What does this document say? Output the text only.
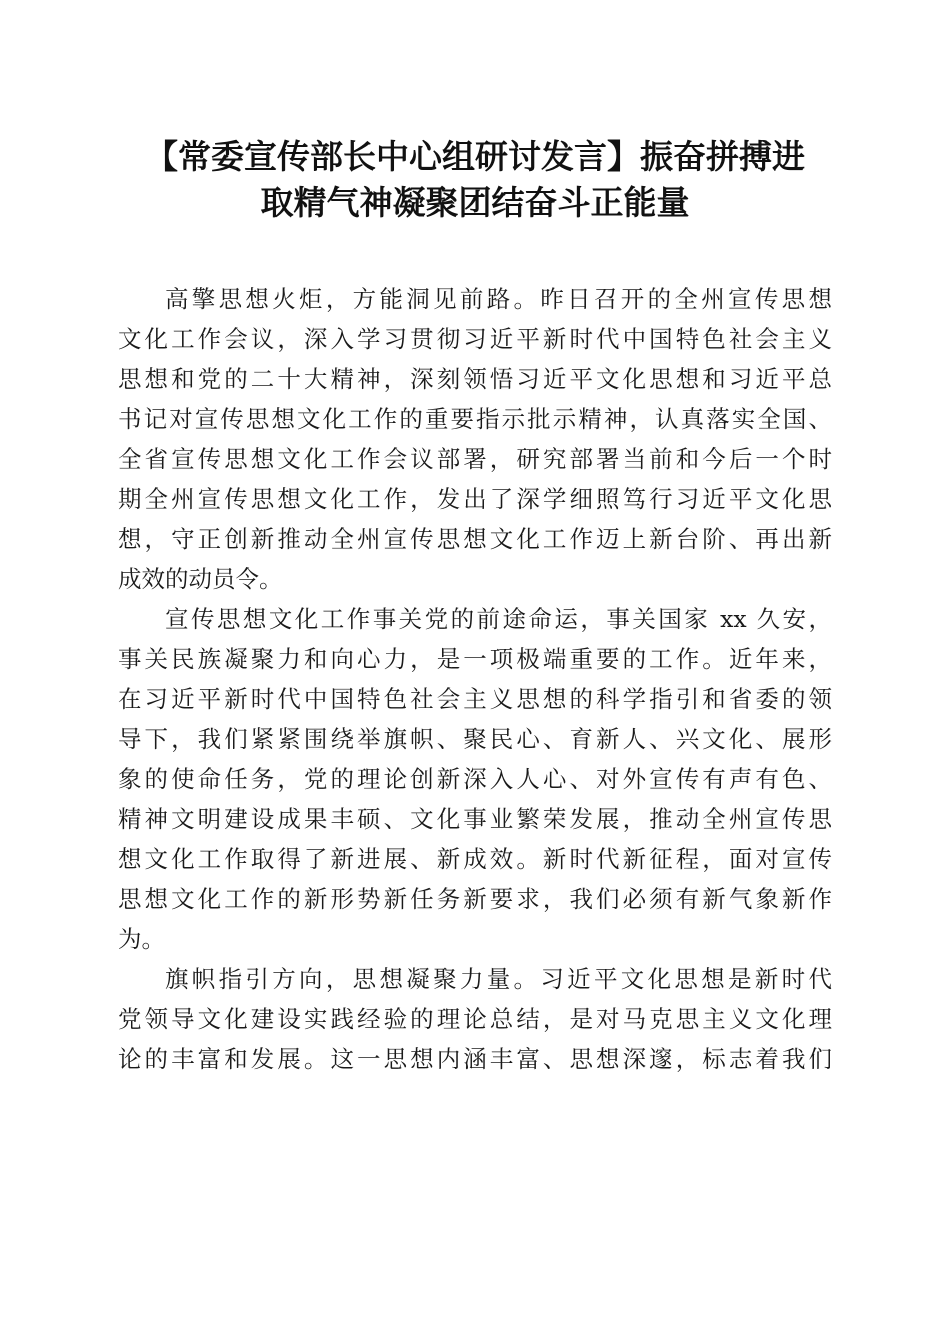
【常委宣传部长中心组研讨发言】振奋拼搏进
取精气神凝聚团结奋斗正能量
高擎思想火炬，方能洞见前路。昨日召开的全州宣传思想
文化工作会议，深入学习贯彻习近平新时代中国特色社会主义
思想和党的二十大精神，深刻领悟习近平文化思想和习近平总
书记对宣传思想文化工作的重要指示批示精神，认真落实全国、
全省宣传思想文化工作会议部署，研究部署当前和今后一个时
期全州宣传思想文化工作，发出了深学细照笃行习近平文化思
想，守正创新推动全州宣传思想文化工作迈上新台阶、再出新
成效的动员令。
宣传思想文化工作事关党的前途命运，事关国家 xx 久安，
事关民族凝聚力和向心力，是一项极端重要的工作。近年来，
在习近平新时代中国特色社会主义思想的科学指引和省委的领
导下，我们紧紧围绕举旗帜、聚民心、育新人、兴文化、展形
象的使命任务，党的理论创新深入人心、对外宣传有声有色、
精神文明建设成果丰硕、文化事业繁荣发展，推动全州宣传思
想文化工作取得了新进展、新成效。新时代新征程，面对宣传
思想文化工作的新形势新任务新要求，我们必须有新气象新作
为。
旗帜指引方向，思想凝聚力量。习近平文化思想是新时代
党领导文化建设实践经验的理论总结，是对马克思主义文化理
论的丰富和发展。这一思想内涵丰富、思想深邃，标志着我们
